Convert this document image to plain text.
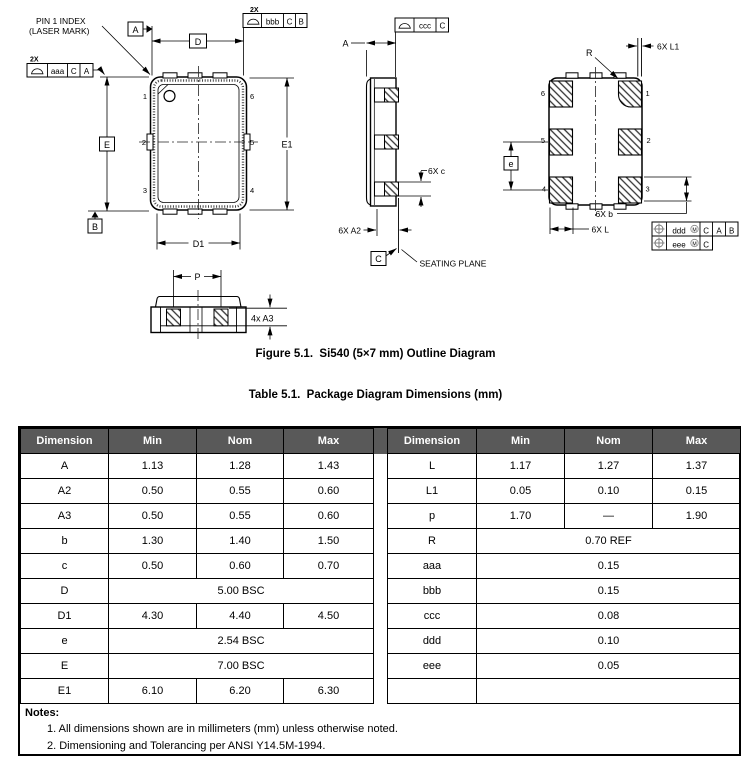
1
2
3
6
5
4
PIN 1 INDEX
(LASER MARK)	A
D
2X
bbb C B
2X
aaa C A
E
B
E1
D1
A
ccc C
6X c
6X A2
C	SEATING PLANE
6
5
4
1
2
3
R
6X L1
e
6X b
6X L	ddd M C A B
eee M C
P
4x A3
Figure 5.1.  Si540 (5×7 mm) Outline Diagram
Table 5.1.  Package Diagram Dimensions (mm)
Dimension	Min	Nom	Max
A	1.13	1.28	1.43
A2	0.50	0.55	0.60
A3	0.50	0.55	0.60
b	1.30	1.40	1.50
c	0.50	0.60	0.70
D	5.00 BSC		
D1	4.30	4.40	4.50
e	2.54 BSC		
E	7.00 BSC		
E1	6.10	6.20	6.30
Dimension	Min	Nom	Max
L	1.17	1.27	1.37
L1	0.05	0.10	0.15
p	1.70	—	1.90
R	0.70 REF		
aaa	0.15		
bbb	0.15		
ccc	0.08		
ddd	0.10		
eee	0.05		

Notes:
1. All dimensions shown are in millimeters (mm) unless otherwise noted.
2. Dimensioning and Tolerancing per ANSI Y14.5M-1994.
